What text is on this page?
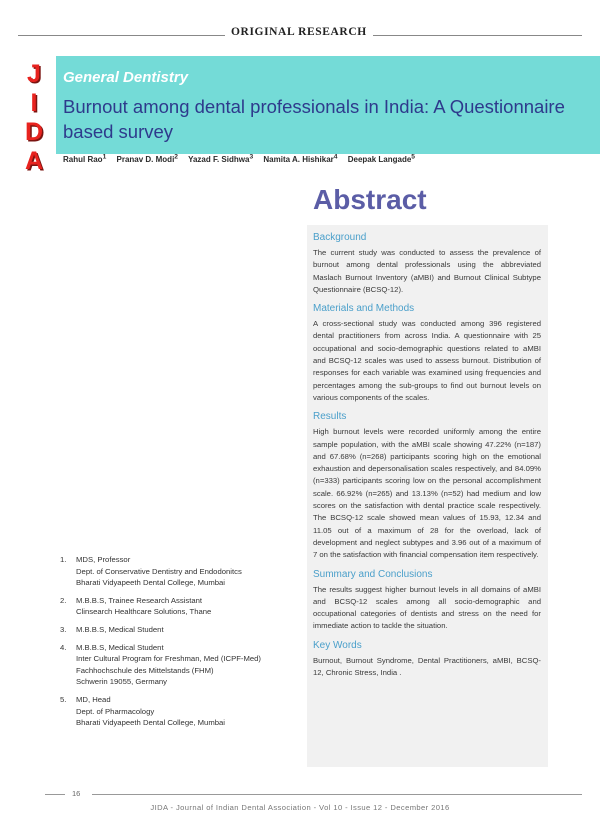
ORIGINAL RESEARCH
J
I
D
A
General Dentistry
Burnout among dental professionals in India: A Questionnaire based survey
Rahul Rao$^1$ Pranav D. Modi$^2$ Yazad F. Sidhwa$^3$ Namita A. Hishikar$^4$ Deepak Langade$^5$
Abstract
Background
The current study was conducted to assess the prevalence of burnout among dental professionals using the abbreviated Maslach Burnout Inventory (aMBI) and Burnout Clinical Subtype Questionnaire (BCSQ-12).
Materials and Methods
A cross-sectional study was conducted among 396 registered dental practitioners from across India. A questionnaire with 25 occupational and socio-demographic questions related to aMBI and BCSQ-12 scales was used to assess burnout. Distribution of responses for each variable was examined using frequencies and percentages among the sub-groups to find out burnout levels on various components of the scales.
Results
High burnout levels were recorded uniformly among the entire sample population, with the aMBI scale showing 47.22% (n=187) and 67.68% (n=268) participants scoring high on the emotional exhaustion and depersonalisation scales respectively, and 84.09% (n=333) participants scoring low on the personal accomplishment scale. 66.92% (n=265) and 13.13% (n=52) had medium and low scores on the satisfaction with dental practice scale respectively. The BCSQ-12 scale showed mean values of 15.93, 12.34 and 11.05 out of a maximum of 28 for the overload, lack of development and neglect subtypes and 3.96 out of a maximum of 7 on the satisfaction with financial compensation item respectively.
Summary and Conclusions
The results suggest higher burnout levels in all domains of aMBI and BCSQ-12 scales among all socio-demographic and occupational categories of dentists and stress on the need for immediate action to tackle the situation.
Key Words
Burnout, Burnout Syndrome, Dental Practitioners, aMBI, BCSQ-12, Chronic Stress, India .
1.	MDS, Professor
Dept. of Conservative Dentistry and Endodonitcs
Bharati Vidyapeeth Dental College, Mumbai
2.	M.B.B.S, Trainee Research Assistant
Clinsearch Healthcare Solutions, Thane
3.	M.B.B.S, Medical Student
4.	M.B.B.S, Medical Student
Inter Cultural Program for Freshman, Med (ICPF-Med)
Fachhochschule des Mittelstands (FHM)
Schwerin 19055, Germany
5.	MD, Head
Dept. of Pharmacology
Bharati Vidyapeeth Dental College, Mumbai
16
JIDA - Journal of Indian Dental Association - Vol 10 - Issue 12 - December 2016
